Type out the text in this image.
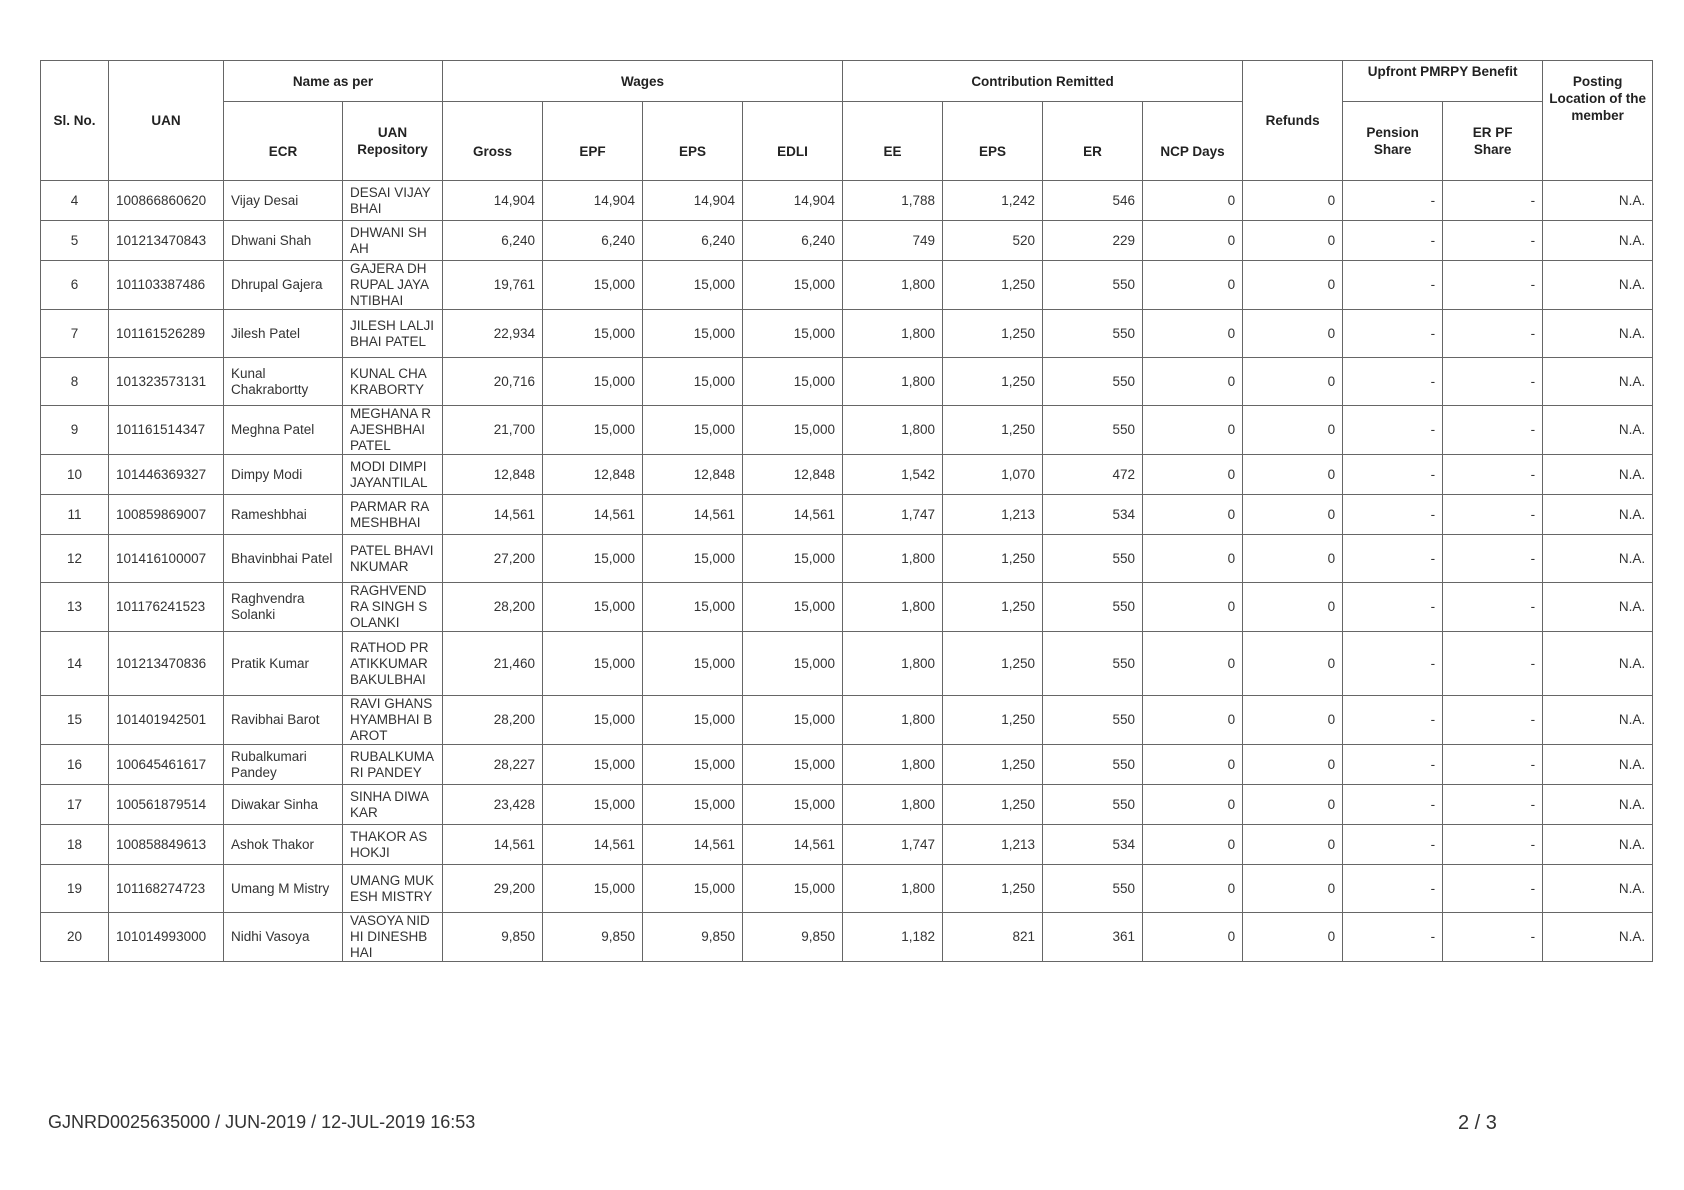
Sl. No.	UAN	Name as per		Wages				Contribution Remitted				Refunds	Upfront PMRPY Benefit		Posting Location of the member
		ECR	UAN Repository	Gross	EPF	EPS	EDLI	EE	EPS	ER	NCP Days		Pension Share	ER PF Share	
4	100866860620	Vijay Desai	DESAI VIJAYBHAI	14,904	14,904	14,904	14,904	1,788	1,242	546	0	0	-	-	N.A.
5	101213470843	Dhwani Shah	DHWANI SHAH	6,240	6,240	6,240	6,240	749	520	229	0	0	-	-	N.A.
6	101103387486	Dhrupal Gajera	GAJERA DHRUPAL JAYANTIBHAI	19,761	15,000	15,000	15,000	1,800	1,250	550	0	0	-	-	N.A.
7	101161526289	Jilesh Patel	JILESH LALJIBHAI PATEL	22,934	15,000	15,000	15,000	1,800	1,250	550	0	0	-	-	N.A.
8	101323573131	Kunal Chakrabortty	KUNAL CHAKRABORTY	20,716	15,000	15,000	15,000	1,800	1,250	550	0	0	-	-	N.A.
9	101161514347	Meghna Patel	MEGHANA RAJESHBHAI PATEL	21,700	15,000	15,000	15,000	1,800	1,250	550	0	0	-	-	N.A.
10	101446369327	Dimpy Modi	MODI DIMPI JAYANTILAL	12,848	12,848	12,848	12,848	1,542	1,070	472	0	0	-	-	N.A.
11	100859869007	Rameshbhai	PARMAR RAMESHBHAI	14,561	14,561	14,561	14,561	1,747	1,213	534	0	0	-	-	N.A.
12	101416100007	Bhavinbhai Patel	PATEL BHAVINKUMAR	27,200	15,000	15,000	15,000	1,800	1,250	550	0	0	-	-	N.A.
13	101176241523	Raghvendra Solanki	RAGHVENDRA SINGH SOLANKI	28,200	15,000	15,000	15,000	1,800	1,250	550	0	0	-	-	N.A.
14	101213470836	Pratik Kumar	RATHOD PRATIKKUMAR BAKULBHAI	21,460	15,000	15,000	15,000	1,800	1,250	550	0	0	-	-	N.A.
15	101401942501	Ravibhai Barot	RAVI GHANSHYAMBHAI BAROT	28,200	15,000	15,000	15,000	1,800	1,250	550	0	0	-	-	N.A.
16	100645461617	Rubalkumari Pandey	RUBALKUMARI PANDEY	28,227	15,000	15,000	15,000	1,800	1,250	550	0	0	-	-	N.A.
17	100561879514	Diwakar Sinha	SINHA DIWAKAR	23,428	15,000	15,000	15,000	1,800	1,250	550	0	0	-	-	N.A.
18	100858849613	Ashok Thakor	THAKOR ASHOKJI	14,561	14,561	14,561	14,561	1,747	1,213	534	0	0	-	-	N.A.
19	101168274723	Umang M Mistry	UMANG MUKESH MISTRY	29,200	15,000	15,000	15,000	1,800	1,250	550	0	0	-	-	N.A.
20	101014993000	Nidhi Vasoya	VASOYA NIDHI DINESHBHAI	9,850	9,850	9,850	9,850	1,182	821	361	0	0	-	-	N.A.
GJNRD0025635000 / JUN-2019 / 12-JUL-2019 16:53	2 / 3
